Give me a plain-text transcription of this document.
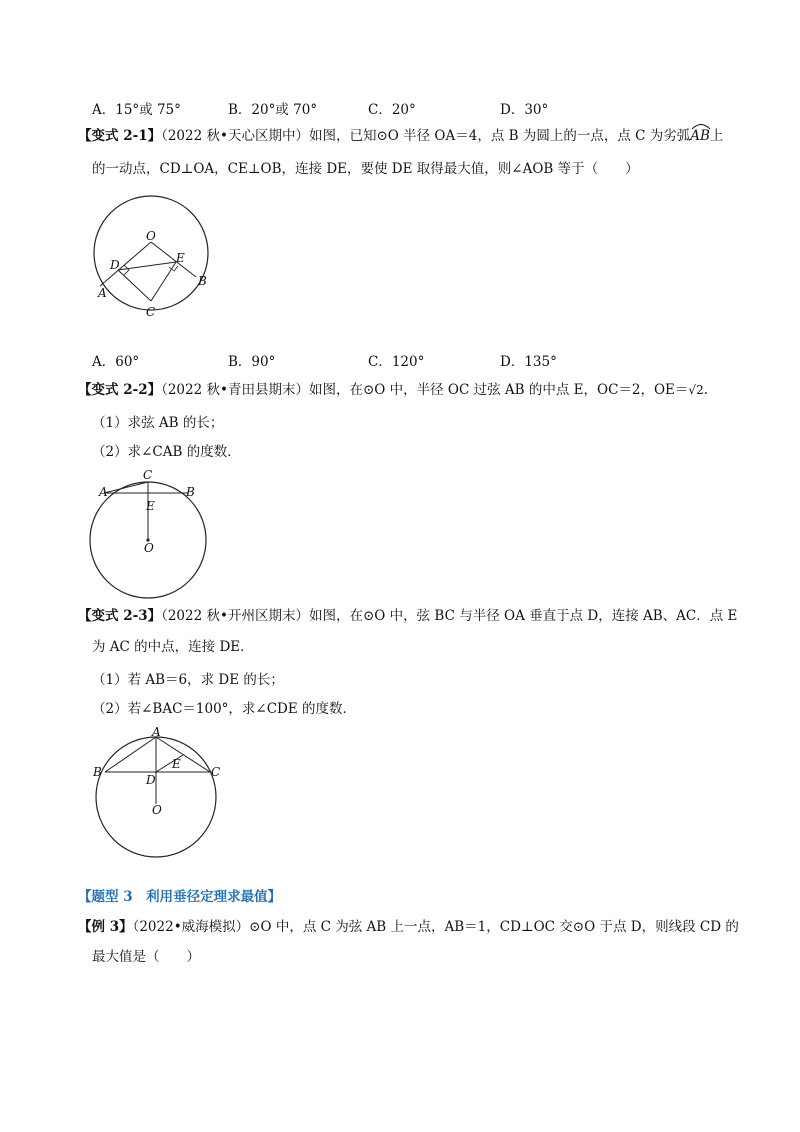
A．15°或 75°	B．20°或 70°	C．20°	D．30°
【变式 2-1】（2022 秋•天心区期中）如图，已知⊙O 半径 OA＝4，点 B 为圆上的一点，点 C 为劣弧
AB上
的一动点，CD⊥OA，CE⊥OB，连接 DE，要使 DE 取得最大值，则∠AOB 等于（　　）
O
D	E
A
B
C
A．60°	B．90°	C．120°	D．135°
【变式 2-2】（2022 秋•青田县期末）如图，在⊙O 中，半径 OC 过弦 AB 的中点 E，OC＝2，OE＝√2.
（1）求弦 AB 的长；
（2）求∠CAB 的度数．
C
A	B
E
O
【变式 2-3】（2022 秋•开州区期末）如图，在⊙O 中，弦 BC 与半径 OA 垂直于点 D，连接 AB、AC．点 E
为 AC 的中点，连接 DE．
（1）若 AB＝6，求 DE 的长；
（2）若∠BAC＝100°，求∠CDE 的度数．
A
E
B
D
C
O
【题型 3　利用垂径定理求最值】
【例 3】（2022•威海模拟）⊙O 中，点 C 为弦 AB 上一点，AB＝1，CD⊥OC 交⊙O 于点 D，则线段 CD 的
最大值是（　　）
